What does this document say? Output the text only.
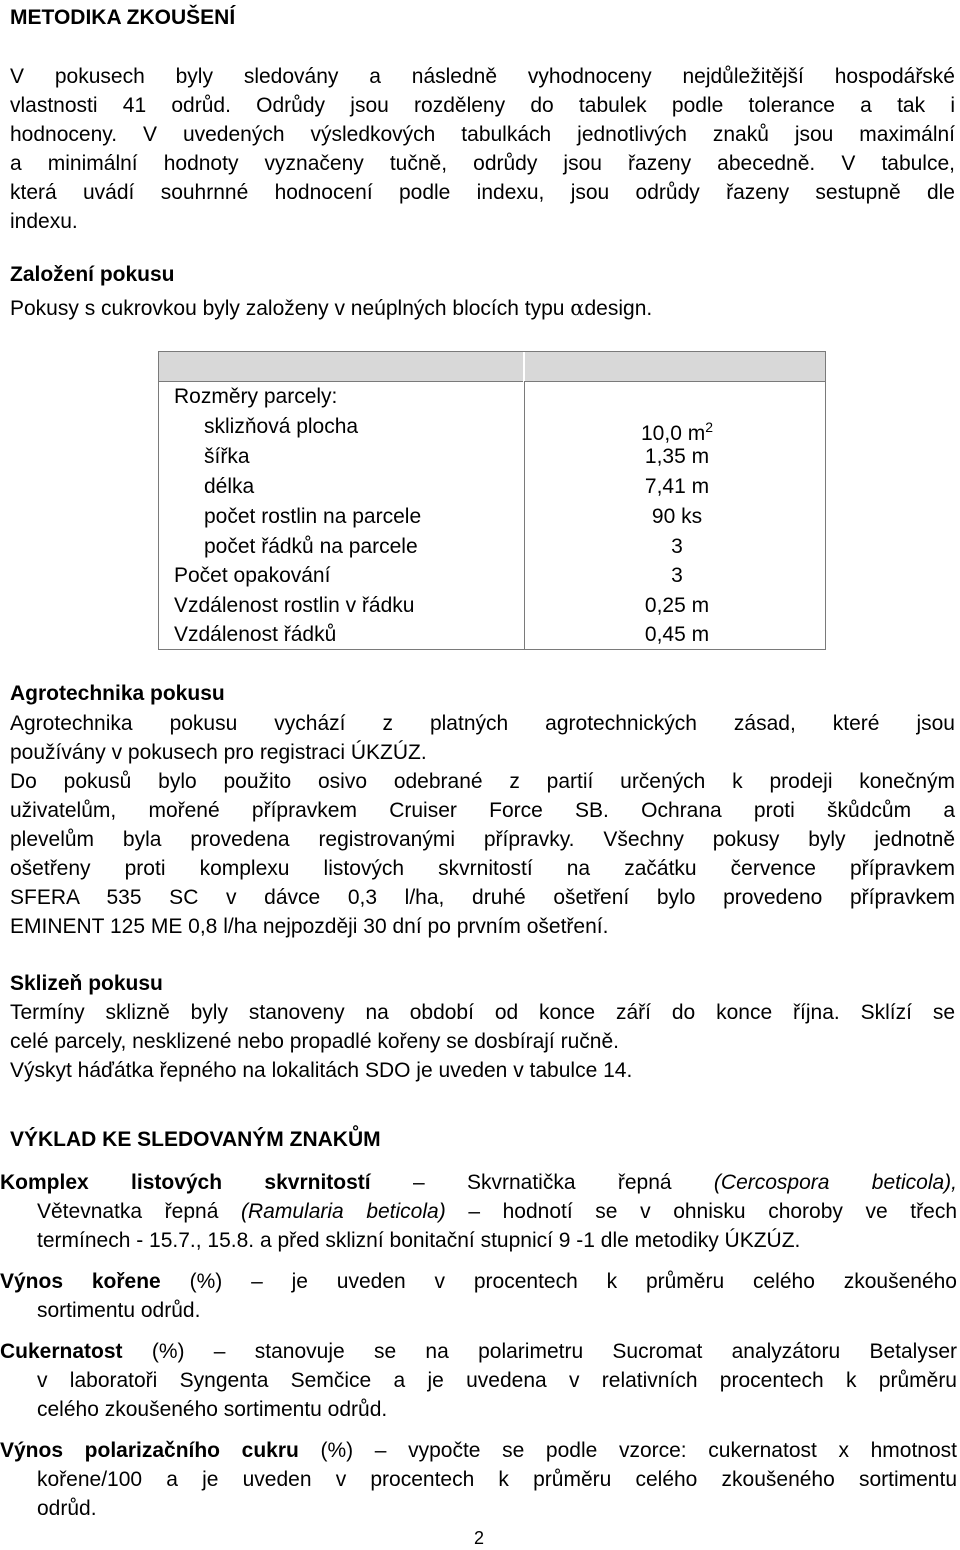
METODIKA ZKOUŠENÍ
V pokusech byly sledovány a následně vyhodnoceny nejdůležitější hospodářské
vlastnosti 41 odrůd. Odrůdy jsou rozděleny do tabulek podle tolerance a tak i
hodnoceny. V uvedených výsledkových tabulkách jednotlivých znaků jsou maximální
a minimální hodnoty vyznačeny tučně, odrůdy jsou řazeny abecedně. V tabulce,
která uvádí souhrnné hodnocení podle indexu, jsou odrůdy řazeny sestupně dle
indexu.
Založení pokusu
Pokusy s cukrovkou byly založeny v neúplných blocích typu αdesign.
Rozměry parcely:
sklizňová plocha	10,0 $m^2$
šířka	1,35 m
délka	7,41 m
počet rostlin na parcele	90 ks
počet řádků na parcele	3
Počet opakování	3
Vzdálenost rostlin v řádku	0,25 m
Vzdálenost řádků	0,45 m
Agrotechnika pokusu
Agrotechnika pokusu vychází z platných agrotechnických zásad, které jsou
používány v pokusech pro registraci ÚKZÚZ.
Do pokusů bylo použito osivo odebrané z partií určených k prodeji konečným
uživatelům, mořené přípravkem Cruiser Force SB. Ochrana proti škůdcům a
plevelům byla provedena registrovanými přípravky. Všechny pokusy byly jednotně
ošetřeny proti komplexu listových skvrnitostí na začátku července přípravkem
SFERA 535 SC v dávce 0,3 l/ha, druhé ošetření bylo provedeno přípravkem
EMINENT 125 ME 0,8 l/ha nejpozději 30 dní po prvním ošetření.
Sklizeň pokusu
Termíny sklizně byly stanoveny na období od konce září do konce října. Sklízí se
celé parcely, nesklizené nebo propadlé kořeny se dosbírají ručně.
Výskyt háďátka řepného na lokalitách SDO je uveden v tabulce 14.
VÝKLAD KE SLEDOVANÝM ZNAKŮM
Komplex listových skvrnitostí – Skvrnatička řepná (Cercospora beticola),
Větevnatka řepná (Ramularia beticola) – hodnotí se v ohnisku choroby ve třech
termínech - 15.7., 15.8. a před sklizní bonitační stupnicí 9 -1 dle metodiky ÚKZÚZ.
Výnos kořene (%) – je uveden v procentech k průměru celého zkoušeného
sortimentu odrůd.
Cukernatost (%) – stanovuje se na polarimetru Sucromat analyzátoru Betalyser
v laboratoři Syngenta Semčice a je uvedena v relativních procentech k průměru
celého zkoušeného sortimentu odrůd.
Výnos polarizačního cukru (%) – vypočte se podle vzorce: cukernatost x hmotnost
kořene/100 a je uveden v procentech k průměru celého zkoušeného sortimentu
odrůd.
2
